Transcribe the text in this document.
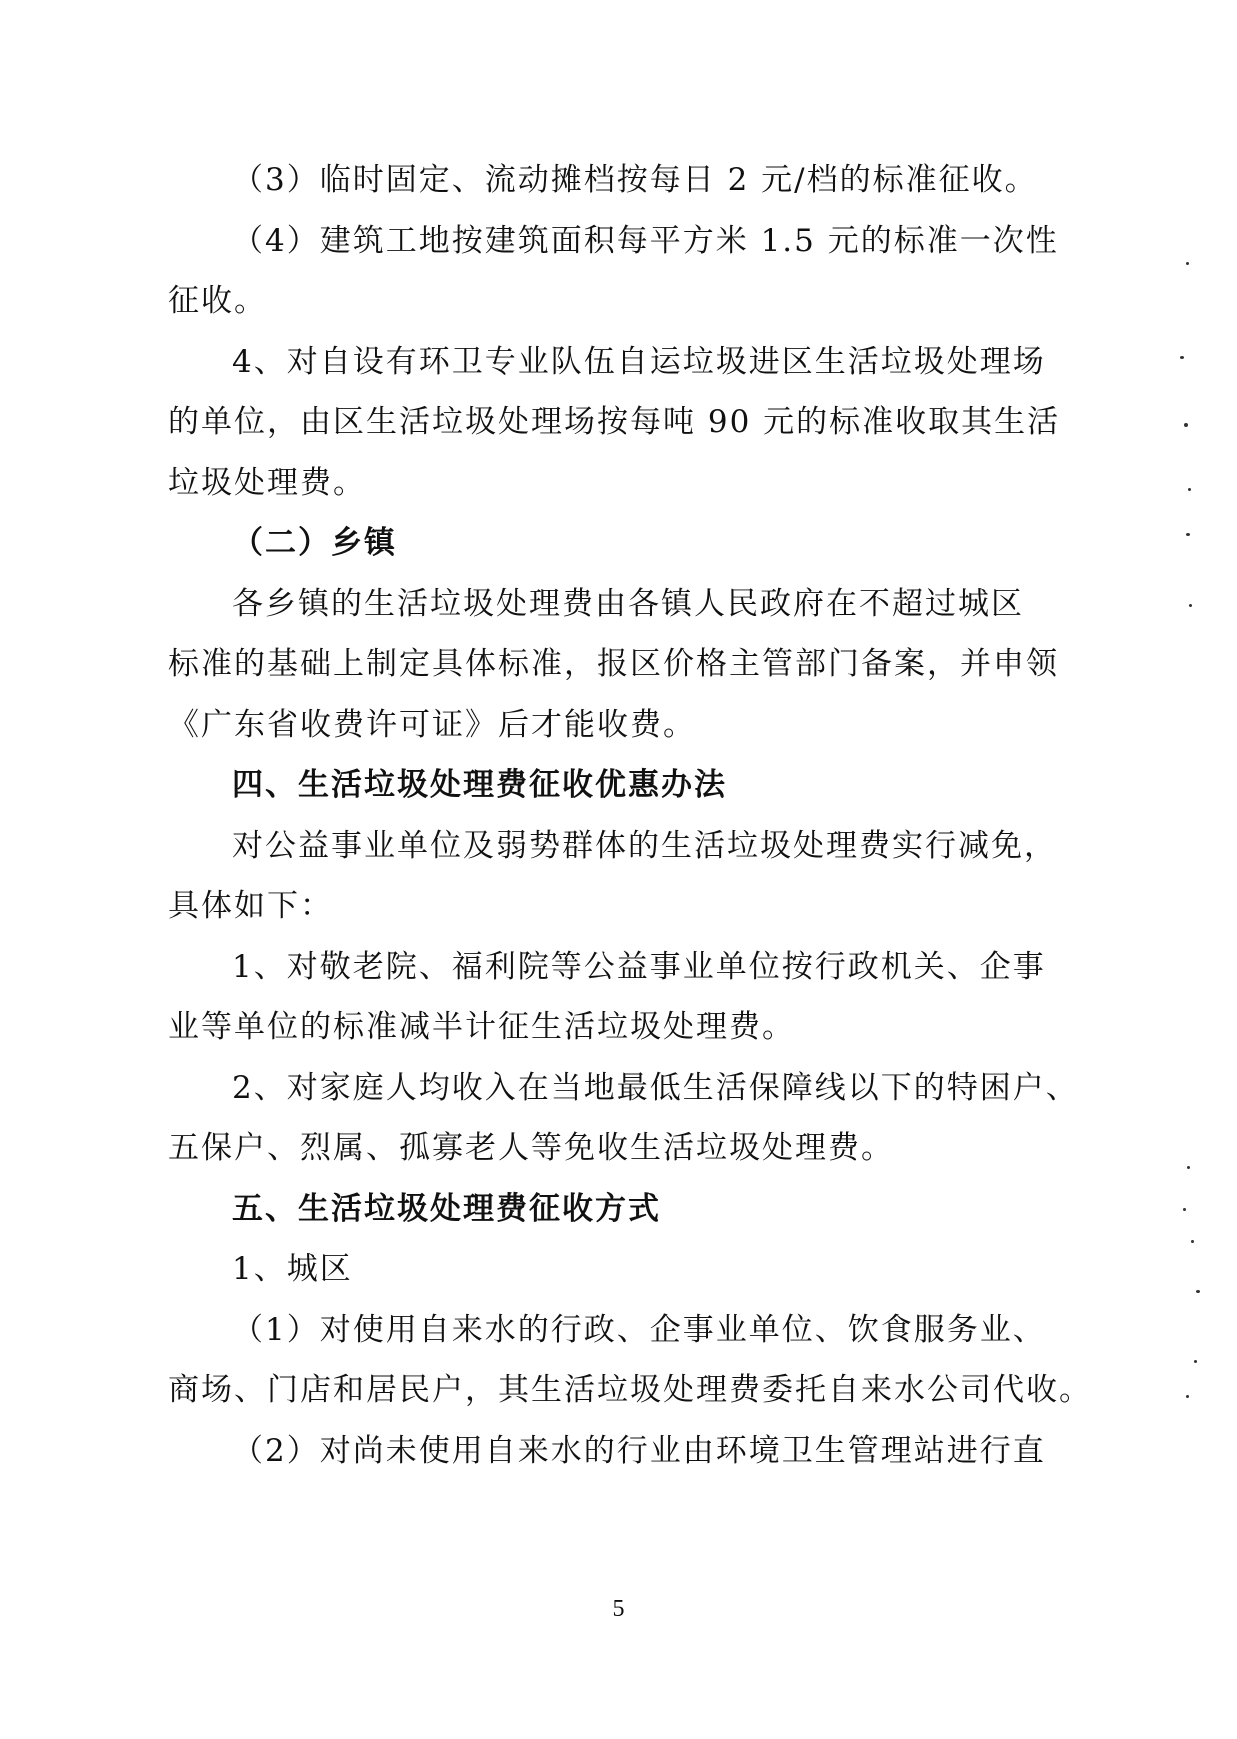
（3）临时固定、流动摊档按每日 2 元/档的标准征收。
（4）建筑工地按建筑面积每平方米 1.5 元的标准一次性
征收。
4、对自设有环卫专业队伍自运垃圾进区生活垃圾处理场
的单位，由区生活垃圾处理场按每吨 90 元的标准收取其生活
垃圾处理费。
（二）乡镇
各乡镇的生活垃圾处理费由各镇人民政府在不超过城区
标准的基础上制定具体标准，报区价格主管部门备案，并申领
《广东省收费许可证》后才能收费。
四、生活垃圾处理费征收优惠办法
对公益事业单位及弱势群体的生活垃圾处理费实行减免，
具体如下：
1、对敬老院、福利院等公益事业单位按行政机关、企事
业等单位的标准减半计征生活垃圾处理费。
2、对家庭人均收入在当地最低生活保障线以下的特困户、
五保户、烈属、孤寡老人等免收生活垃圾处理费。
五、生活垃圾处理费征收方式
1、城区
（1）对使用自来水的行政、企事业单位、饮食服务业、
商场、门店和居民户，其生活垃圾处理费委托自来水公司代收。
（2）对尚未使用自来水的行业由环境卫生管理站进行直
5
